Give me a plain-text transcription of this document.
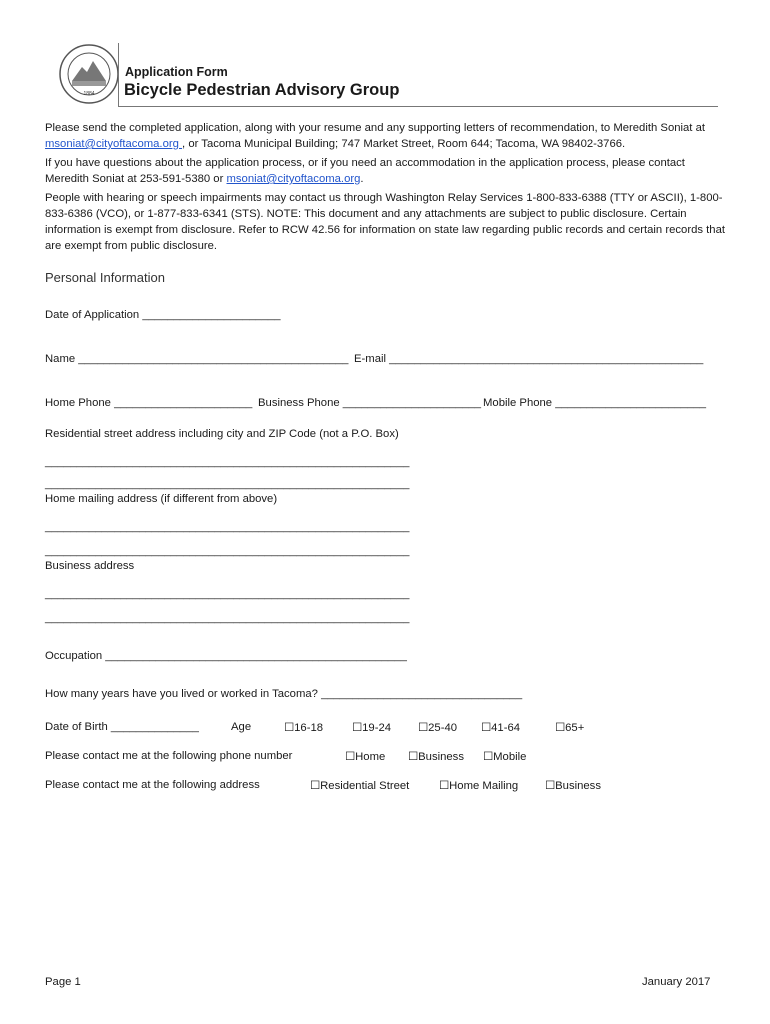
1884
Application Form
Bicycle Pedestrian Advisory Group
Please send the completed application, along with your resume and any supporting letters of recommendation, to Meredith Soniat at msoniat@cityoftacoma.org , or Tacoma Municipal Building; 747 Market Street, Room 644; Tacoma, WA 98402-3766.
If you have questions about the application process, or if you need an accommodation in the application process, please contact Meredith Soniat at 253-591-5380 or msoniat@cityoftacoma.org.
People with hearing or speech impairments may contact us through Washington Relay Services 1-800-833-6388 (TTY or ASCII), 1-800-833-6386 (VCO), or 1-877-833-6341 (STS). NOTE: This document and any attachments are subject to public disclosure. Certain information is exempt from disclosure. Refer to RCW 42.56 for information on state law regarding public records and certain records that are exempt from public disclosure.
Personal Information
Date of Application ______________________
Name ___________________________________________ E-mail __________________________________________________
Home Phone ______________________ Business Phone ______________________ Mobile Phone ________________________
Residential street address including city and ZIP Code (not a P.O. Box)
__________________________________________________________
__________________________________________________________
Home mailing address (if different from above)
__________________________________________________________
__________________________________________________________
Business address
__________________________________________________________
__________________________________________________________
Occupation ________________________________________________
How many years have you lived or worked in Tacoma? ________________________________
Date of Birth ______________	Age	☐ 16-18	☐ 19-24	☐ 25-40	☐ 41-64	☐ 65+
Please contact me at the following phone number	☐ Home	☐ Business	☐ Mobile
Please contact me at the following address	☐ Residential Street	☐ Home Mailing	☐ Business
Page 1	January 2017
